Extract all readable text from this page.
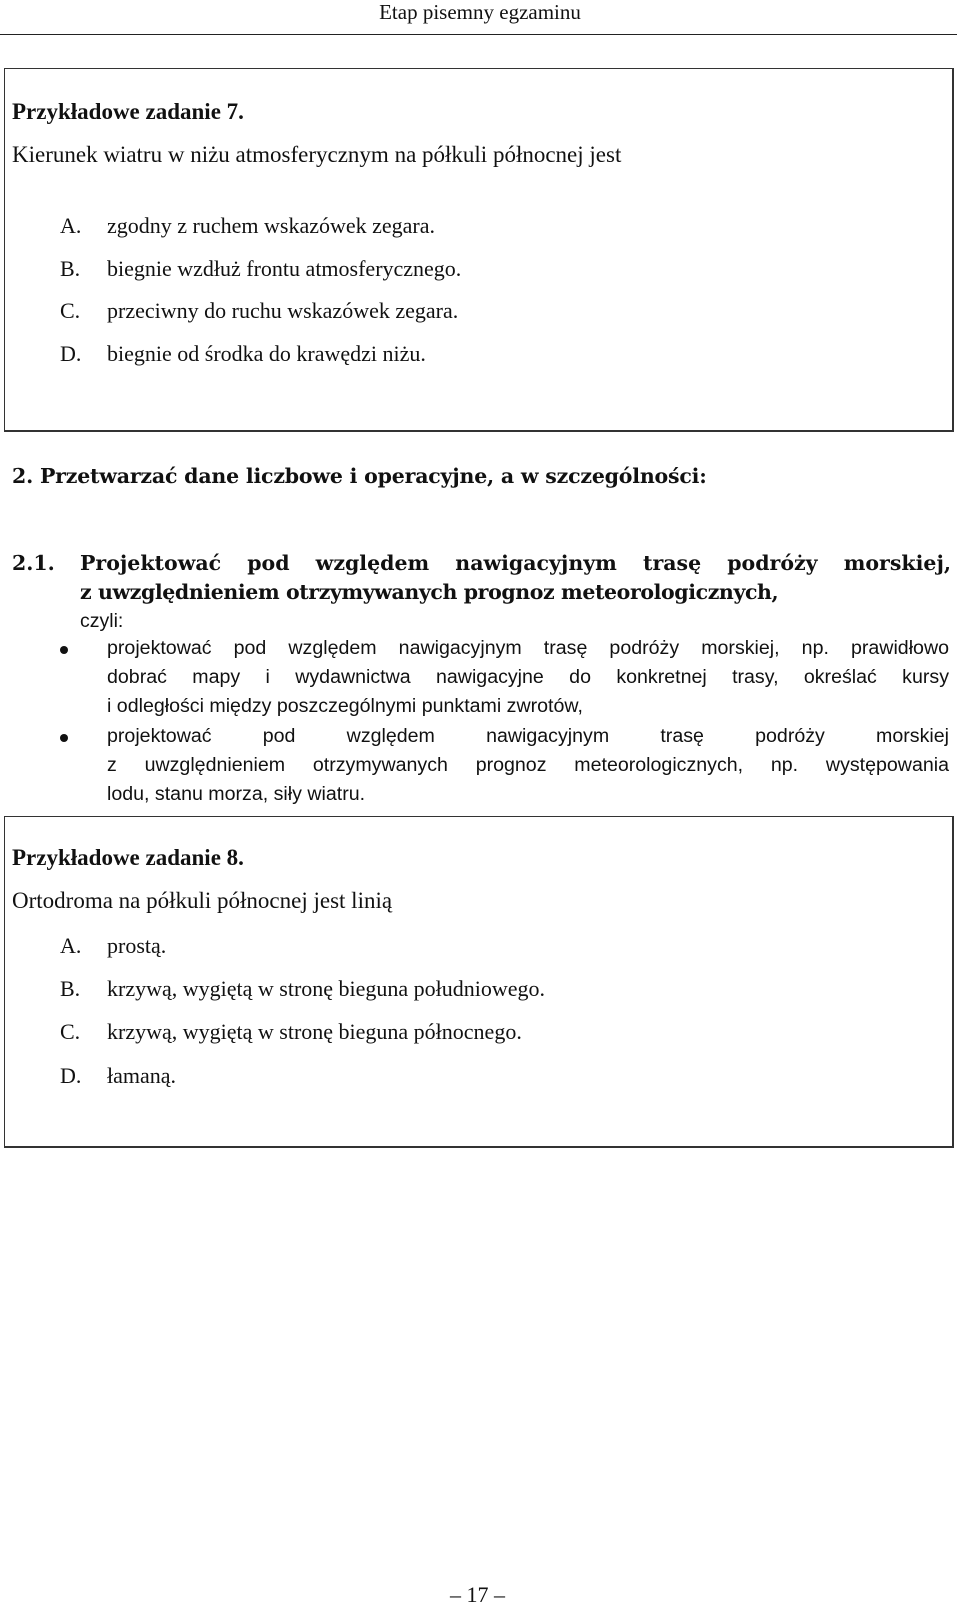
Etap pisemny egzaminu
Przykładowe zadanie 7.
Kierunek wiatru w niżu atmosferycznym na półkuli północnej jest
A. zgodny z ruchem wskazówek zegara.
B. biegnie wzdłuż frontu atmosferycznego.
C. przeciwny do ruchu wskazówek zegara.
D. biegnie od środka do krawędzi niżu.
2. Przetwarzać dane liczbowe i operacyjne, a w szczególności:
2.1. Projektować pod względem nawigacyjnym trasę podróży morskiej,
z uwzględnieniem otrzymywanych prognoz meteorologicznych,
czyli:
projektować pod względem nawigacyjnym trasę podróży morskiej, np. prawidłowo
dobrać mapy i wydawnictwa nawigacyjne do konkretnej trasy, określać kursy
i odległości między poszczególnymi punktami zwrotów,
projektować pod względem nawigacyjnym trasę podróży morskiej
z uwzględnieniem otrzymywanych prognoz meteorologicznych, np. występowania
lodu, stanu morza, siły wiatru.
Przykładowe zadanie 8.
Ortodroma na półkuli północnej jest linią
A. prostą.
B. krzywą, wygiętą w stronę bieguna południowego.
C. krzywą, wygiętą w stronę bieguna północnego.
D. łamaną.
– 17 –
